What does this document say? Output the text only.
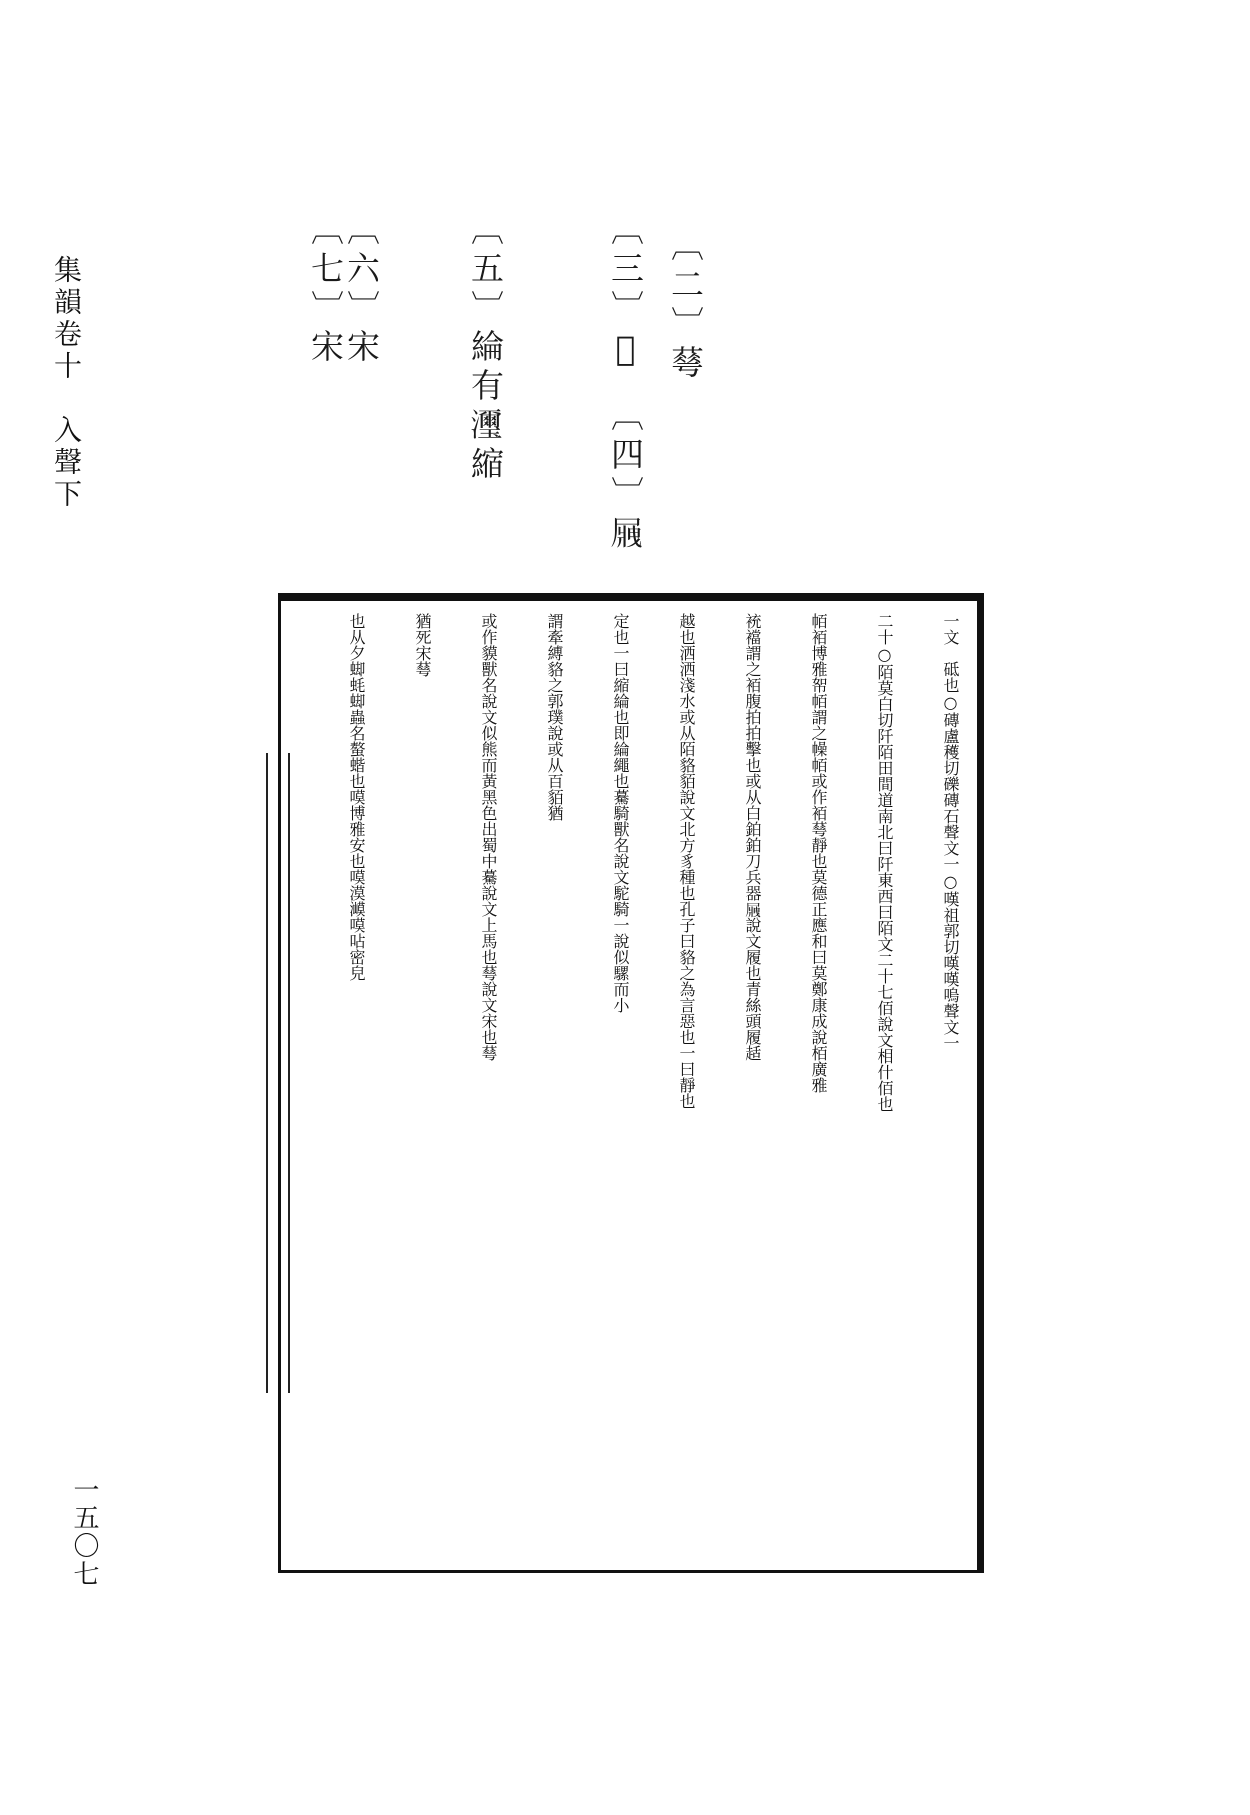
集韻卷十　入聲下	〔二〕䔢
〔三〕𥙊
〔四〕𡲿
〔五〕綸有𤄽縮
〔六〕宋
〔七〕宋
一文　砥也○磚盧穫切礫磚石聲文一○嘆祖郭切嘆嘆嗚聲文一
二十○陌莫白切阡陌田間道南北曰阡東西曰陌文二十七佰說文相什佰也
帞袹博雅帤帞謂之幧帞或作袹䔢靜也莫德正應和曰莫鄭康成說栢廣雅
䘪襠謂之袹腹拍拍擊也或从白鉑鉑刀兵器𡲿說文履也青絲頭履趏
越也洒洒淺水或从陌貉貊說文北方豸種也孔子曰貉之為言惡也一曰靜也
定也一曰縮綸也即綸繩也驀騎獸名說文駝騎一說似騾而小
謂牽縛貉之郭璞說或从百貊猶
或作貘獸名說文似熊而黃黑色出蜀中驀說文上馬也䔢說文宋也䔢
猶死宋䔢
也从夕䖼蚝䖼蟲名螯蝔也嗼博雅安也嗼漠㵹嗼呫密皃
一五〇七
